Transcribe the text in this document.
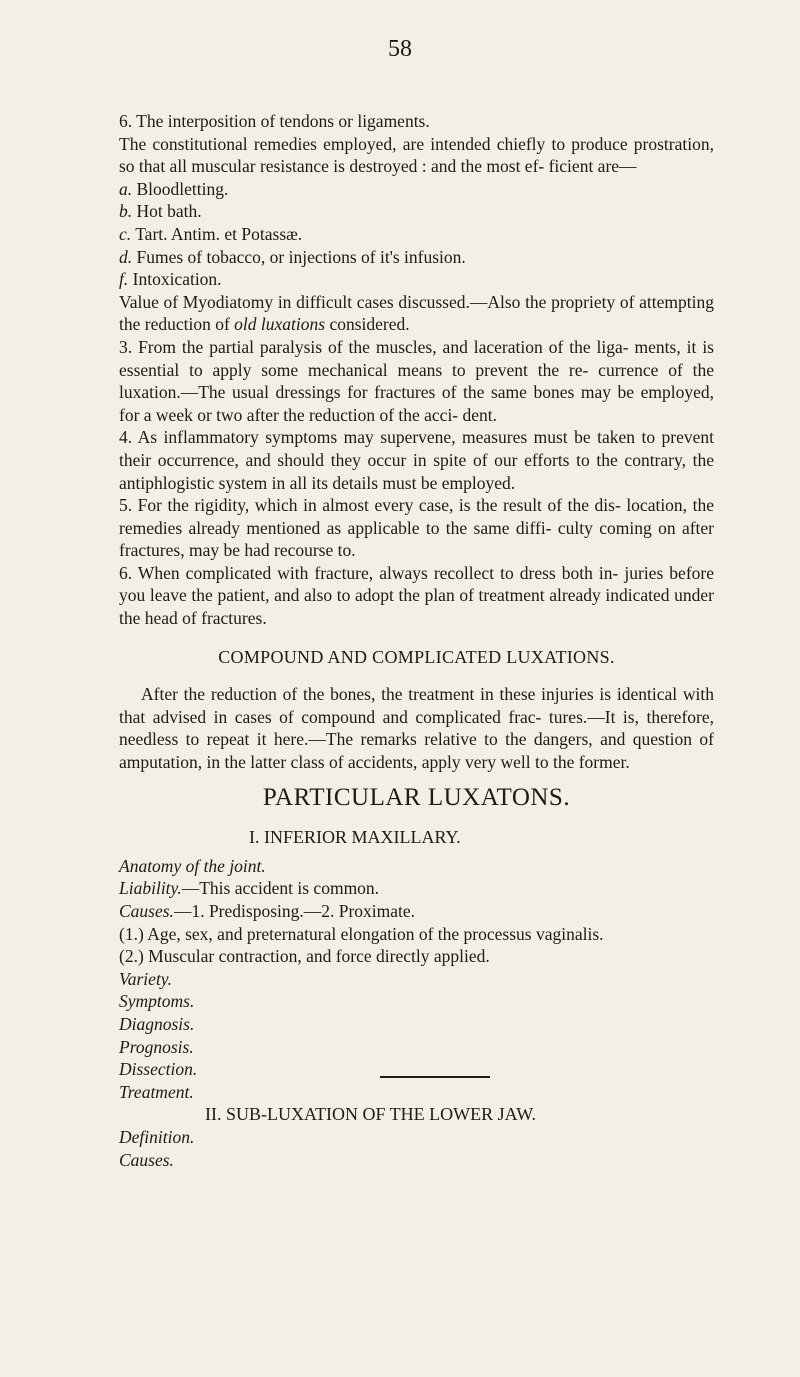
58

6. The interposition of tendons or ligaments.

The constitutional remedies employed, are intended chiefly to produce prostration, so that all muscular resistance is destroyed : and the most ef- ficient are—

a. Bloodletting.

b. Hot bath.

c. Tart. Antim. et Potassæ.

d. Fumes of tobacco, or injections of it's infusion.

f. Intoxication.

Value of Myodiatomy in difficult cases discussed.—Also the propriety of attempting the reduction of old luxations considered.

3. From the partial paralysis of the muscles, and laceration of the liga- ments, it is essential to apply some mechanical means to prevent the re- currence of the luxation.—The usual dressings for fractures of the same bones may be employed, for a week or two after the reduction of the acci- dent.

4. As inflammatory symptoms may supervene, measures must be taken to prevent their occurrence, and should they occur in spite of our efforts to the contrary, the antiphlogistic system in all its details must be employed.

5. For the rigidity, which in almost every case, is the result of the dis- location, the remedies already mentioned as applicable to the same diffi- culty coming on after fractures, may be had recourse to.

6. When complicated with fracture, always recollect to dress both in- juries before you leave the patient, and also to adopt the plan of treatment already indicated under the head of fractures.

COMPOUND AND COMPLICATED LUXATIONS.

After the reduction of the bones, the treatment in these injuries is identical with that advised in cases of compound and complicated frac- tures.—It is, therefore, needless to repeat it here.—The remarks relative to the dangers, and question of amputation, in the latter class of accidents, apply very well to the former.

PARTICULAR LUXATONS.

I. INFERIOR MAXILLARY.

Anatomy of the joint.

Liability.—This accident is common.

Causes.—1. Predisposing.—2. Proximate.

(1.) Age, sex, and preternatural elongation of the processus vaginalis.

(2.) Muscular contraction, and force directly applied.

Variety.

Symptoms.

Diagnosis.

Prognosis.

Dissection.

Treatment.

II. SUB-LUXATION OF THE LOWER JAW.

Definition.

Causes.
